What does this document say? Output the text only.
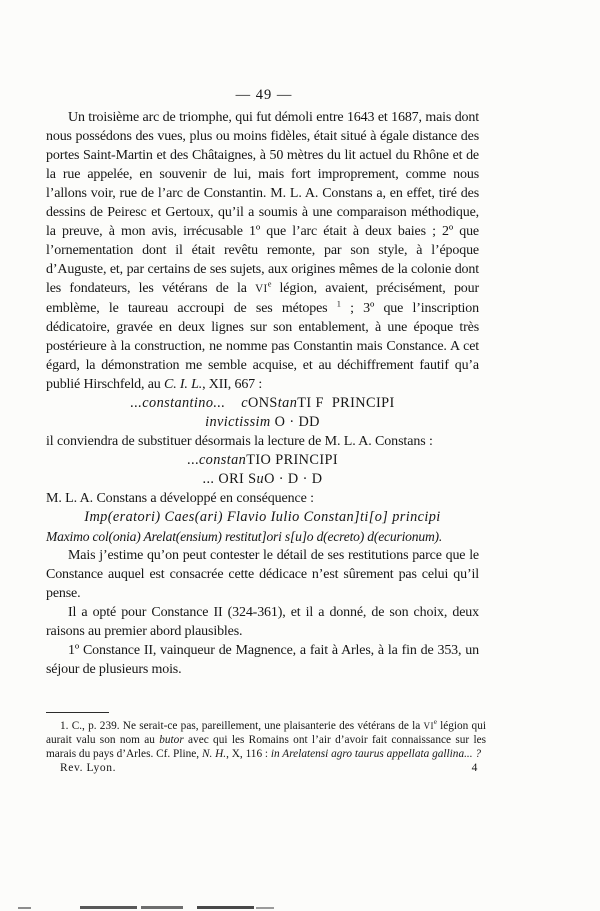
— 49 —

Un troisième arc de triomphe, qui fut démoli entre 1643 et 1687, mais dont nous possédons des vues, plus ou moins fidèles, était situé à égale distance des portes Saint-Martin et des Châtaignes, à 50 mètres du lit actuel du Rhône et de la rue appelée, en souvenir de lui, mais fort improprement, comme nous l’allons voir, rue de l’arc de Constantin. M. L. A. Constans a, en effet, tiré des dessins de Peiresc et Gertoux, qu’il a soumis à une comparaison méthodique, la preuve, à mon avis, irrécusable 1º que l’arc était à deux baies ; 2º que l’ornementation dont il était revêtu remonte, par son style, à l’époque d’Auguste, et, par certains de ses sujets, aux origines mêmes de la colonie dont les fondateurs, les vétérans de la VIe légion, avaient, précisément, pour emblème, le taureau accroupi de ses métopes $^1$ ; 3º que l’inscription dédicatoire, gravée en deux lignes sur son entablement, à une époque très postérieure à la construction, ne nomme pas Constantin mais Constance. A cet égard, la démonstration me semble acquise, et au déchiffrement fautif qu’a publié Hirschfeld, au C. I. L., XII, 667 :

...constantino...    cONStanTI F  PRINCIPI

invictissim O · DD

il conviendra de substituer désormais la lecture de M. L. A. Constans :

...constanTIO PRINCIPI

... ORI SuO · D · D

M. L. A. Constans a développé en conséquence :

Imp(eratori) Caes(ari) Flavio Iulio Constan]ti[o] principi

Maximo col(onia) Arelat(ensium) restitut]ori s[u]o d(ecreto) d(ecurionum).

Mais j’estime qu’on peut contester le détail de ses restitutions parce que le Constance auquel est consacrée cette dédicace n’est sûrement pas celui qu’il pense.

Il a opté pour Constance II (324-361), et il a donné, de son choix, deux raisons au premier abord plausibles.

1º Constance II, vainqueur de Magnence, a fait à Arles, à la fin de 353, un séjour de plusieurs mois.

1. C., p. 239. Ne serait-ce pas, pareillement, une plaisanterie des vétérans de la VIe légion qui aurait valu son nom au butor avec qui les Romains ont l’air d’avoir fait connaissance sur les marais du pays d’Arles. Cf. Pline, N. H., X, 116 : in Arelatensi agro taurus appellata gallina... ?

Rev. Lyon.	4
